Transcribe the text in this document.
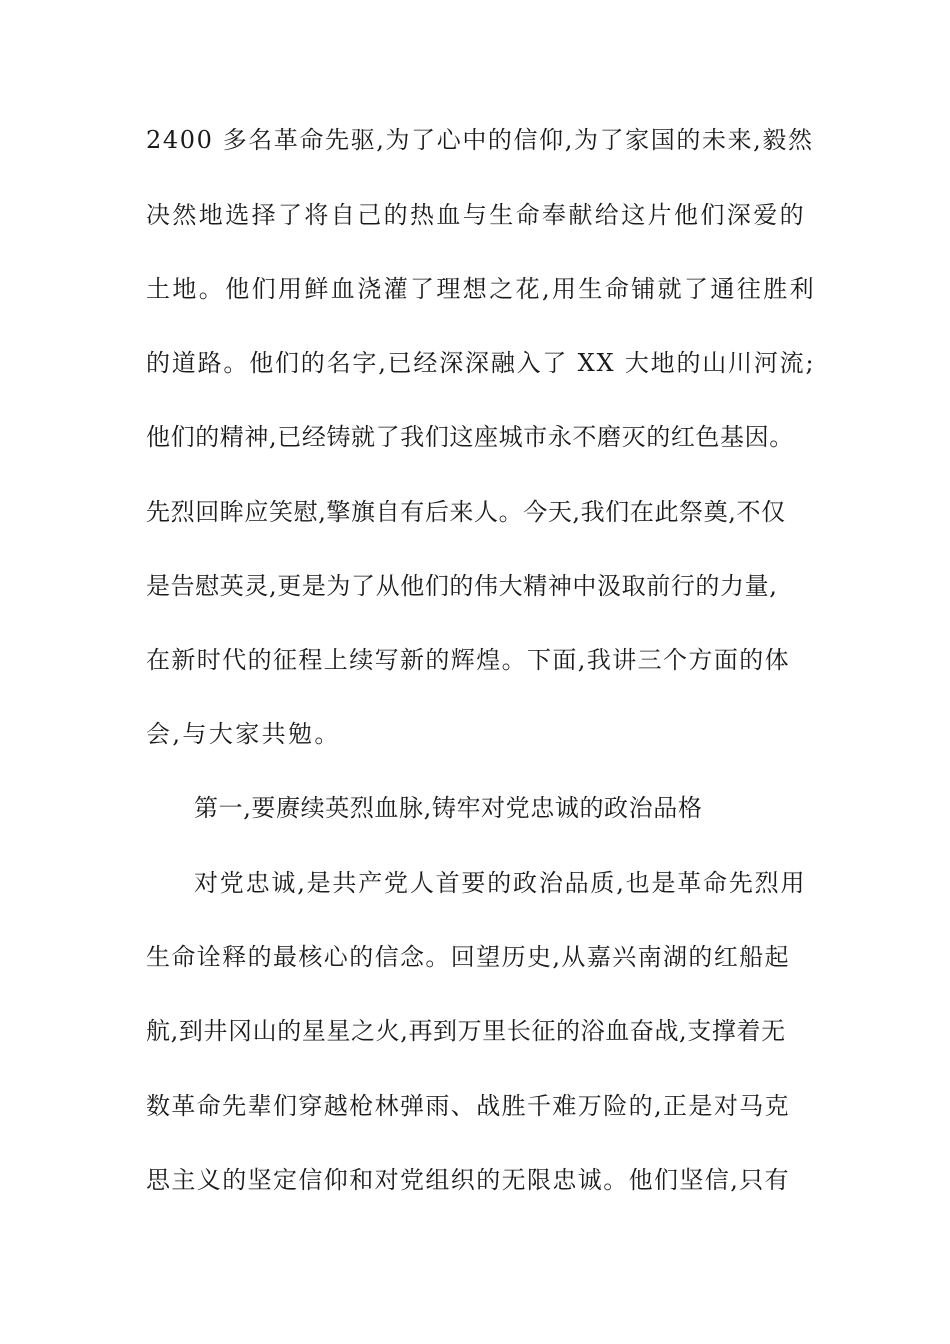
2400 多名革命先驱,为了心中的信仰,为了家国的未来,毅然
决然地选择了将自己的热血与生命奉献给这片他们深爱的
土地。他们用鲜血浇灌了理想之花,用生命铺就了通往胜利
的道路。他们的名字,已经深深融入了 XX 大地的山川河流;
他们的精神,已经铸就了我们这座城市永不磨灭的红色基因。
先烈回眸应笑慰,擎旗自有后来人。今天,我们在此祭奠,不仅
是告慰英灵,更是为了从他们的伟大精神中汲取前行的力量,
在新时代的征程上续写新的辉煌。下面,我讲三个方面的体
会,与大家共勉。
第一,要赓续英烈血脉,铸牢对党忠诚的政治品格
对党忠诚,是共产党人首要的政治品质,也是革命先烈用
生命诠释的最核心的信念。回望历史,从嘉兴南湖的红船起
航,到井冈山的星星之火,再到万里长征的浴血奋战,支撑着无
数革命先辈们穿越枪林弹雨、战胜千难万险的,正是对马克
思主义的坚定信仰和对党组织的无限忠诚。他们坚信,只有
